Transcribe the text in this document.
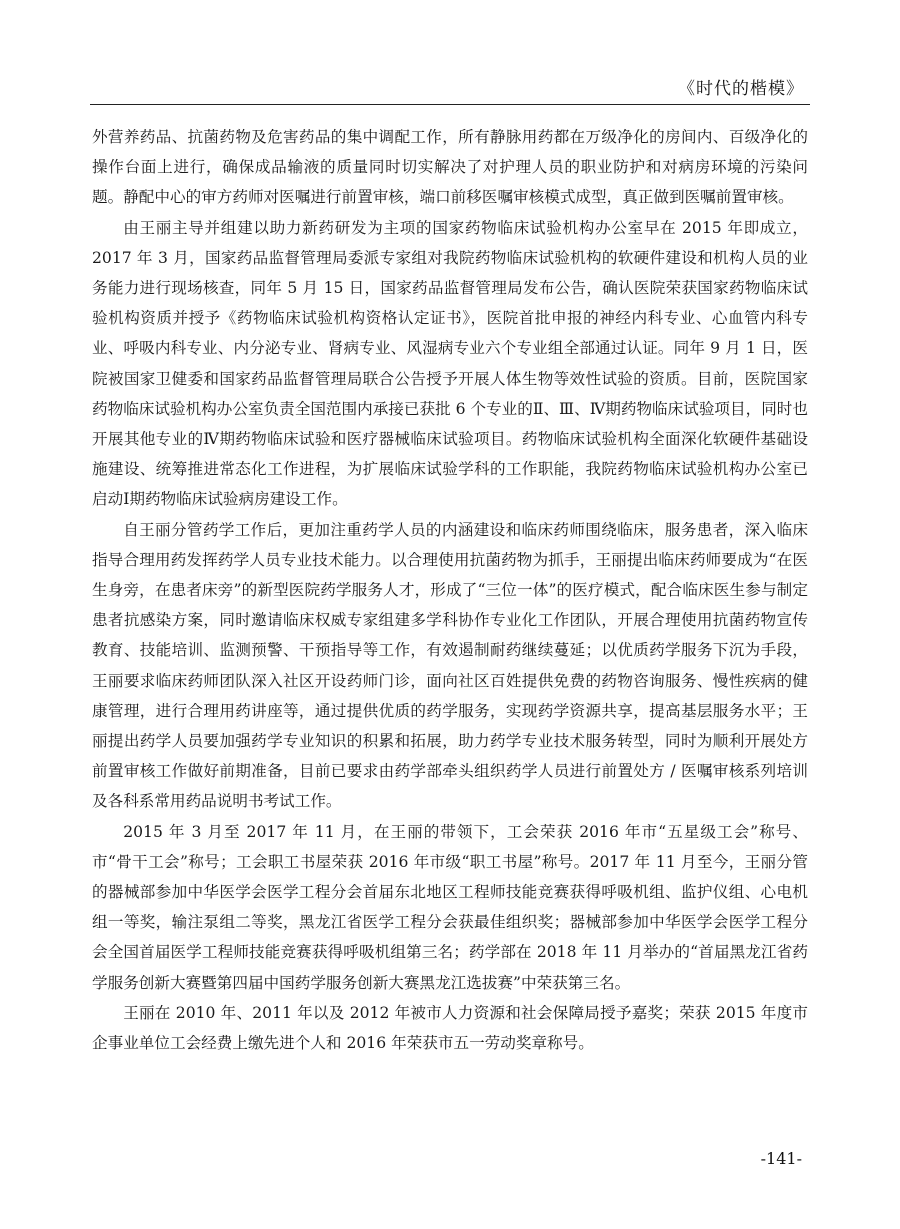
《时代的楷模》

外营养药品、抗菌药物及危害药品的集中调配工作，所有静脉用药都在万级净化的房间内、百级净化的操作台面上进行，确保成品输液的质量同时切实解决了对护理人员的职业防护和对病房环境的污染问题。静配中心的审方药师对医嘱进行前置审核，端口前移医嘱审核模式成型，真正做到医嘱前置审核。

由王丽主导并组建以助力新药研发为主项的国家药物临床试验机构办公室早在 2015 年即成立，2017 年 3 月，国家药品监督管理局委派专家组对我院药物临床试验机构的软硬件建设和机构人员的业务能力进行现场核查，同年 5 月 15 日，国家药品监督管理局发布公告，确认医院荣获国家药物临床试验机构资质并授予《药物临床试验机构资格认定证书》，医院首批申报的神经内科专业、心血管内科专业、呼吸内科专业、内分泌专业、肾病专业、风湿病专业六个专业组全部通过认证。同年 9 月 1 日，医院被国家卫健委和国家药品监督管理局联合公告授予开展人体生物等效性试验的资质。目前，医院国家药物临床试验机构办公室负责全国范围内承接已获批 6 个专业的Ⅱ、Ⅲ、Ⅳ期药物临床试验项目，同时也开展其他专业的Ⅳ期药物临床试验和医疗器械临床试验项目。药物临床试验机构全面深化软硬件基础设施建设、统筹推进常态化工作进程，为扩展临床试验学科的工作职能，我院药物临床试验机构办公室已启动Ⅰ期药物临床试验病房建设工作。

自王丽分管药学工作后，更加注重药学人员的内涵建设和临床药师围绕临床，服务患者，深入临床指导合理用药发挥药学人员专业技术能力。以合理使用抗菌药物为抓手，王丽提出临床药师要成为“在医生身旁，在患者床旁”的新型医院药学服务人才，形成了“三位一体”的医疗模式，配合临床医生参与制定患者抗感染方案，同时邀请临床权威专家组建多学科协作专业化工作团队，开展合理使用抗菌药物宣传教育、技能培训、监测预警、干预指导等工作，有效遏制耐药继续蔓延；以优质药学服务下沉为手段，王丽要求临床药师团队深入社区开设药师门诊，面向社区百姓提供免费的药物咨询服务、慢性疾病的健康管理，进行合理用药讲座等，通过提供优质的药学服务，实现药学资源共享，提高基层服务水平；王丽提出药学人员要加强药学专业知识的积累和拓展，助力药学专业技术服务转型，同时为顺利开展处方前置审核工作做好前期准备，目前已要求由药学部牵头组织药学人员进行前置处方 / 医嘱审核系列培训及各科系常用药品说明书考试工作。

2015 年 3 月至 2017 年 11 月，在王丽的带领下，工会荣获 2016 年市“五星级工会”称号、市“骨干工会”称号；工会职工书屋荣获 2016 年市级“职工书屋”称号。2017 年 11 月至今，王丽分管的器械部参加中华医学会医学工程分会首届东北地区工程师技能竞赛获得呼吸机组、监护仪组、心电机组一等奖，输注泵组二等奖，黑龙江省医学工程分会获最佳组织奖；器械部参加中华医学会医学工程分会全国首届医学工程师技能竞赛获得呼吸机组第三名；药学部在 2018 年 11 月举办的“首届黑龙江省药学服务创新大赛暨第四届中国药学服务创新大赛黑龙江选拔赛”中荣获第三名。

王丽在 2010 年、2011 年以及 2012 年被市人力资源和社会保障局授予嘉奖；荣获 2015 年度市企事业单位工会经费上缴先进个人和 2016 年荣获市五一劳动奖章称号。

-141-
